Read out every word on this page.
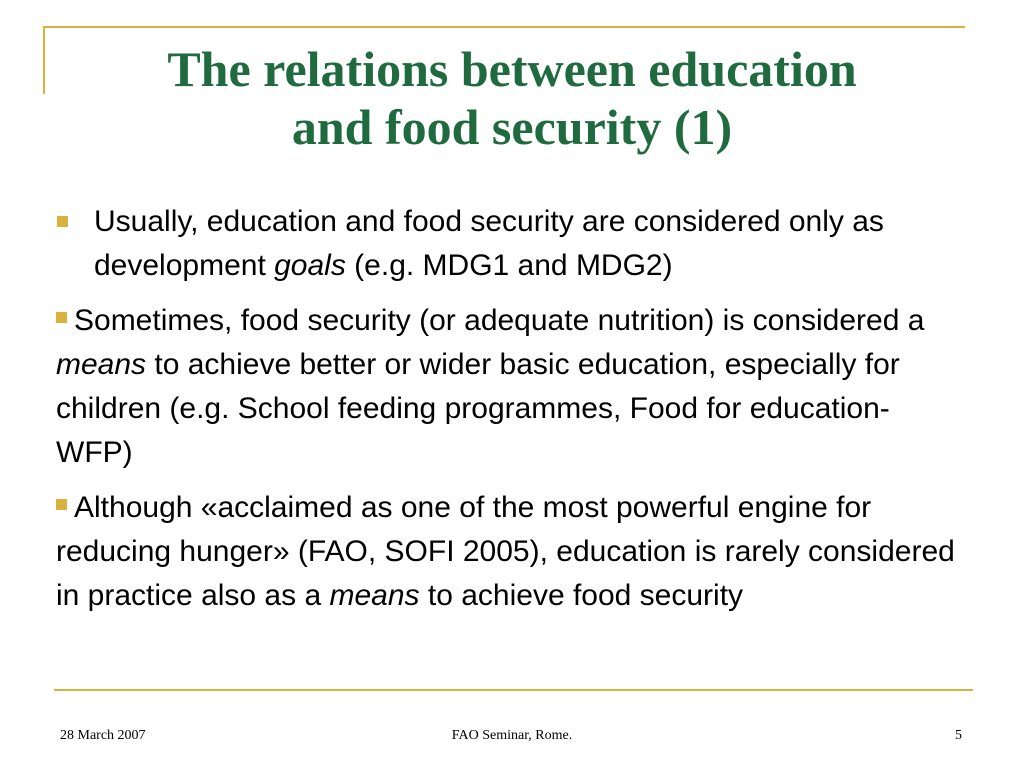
The relations between education
and food security (1)

Usually, education and food security are considered only as development goals (e.g. MDG1 and MDG2)

Sometimes, food security (or adequate nutrition) is considered a means to achieve better or wider basic education, especially for children (e.g. School feeding programmes, Food for education-WFP)

Although «acclaimed as one of the most powerful engine for reducing hunger» (FAO, SOFI 2005), education is rarely considered in practice also as a means to achieve food security

28 March 2007	FAO Seminar, Rome.	5
